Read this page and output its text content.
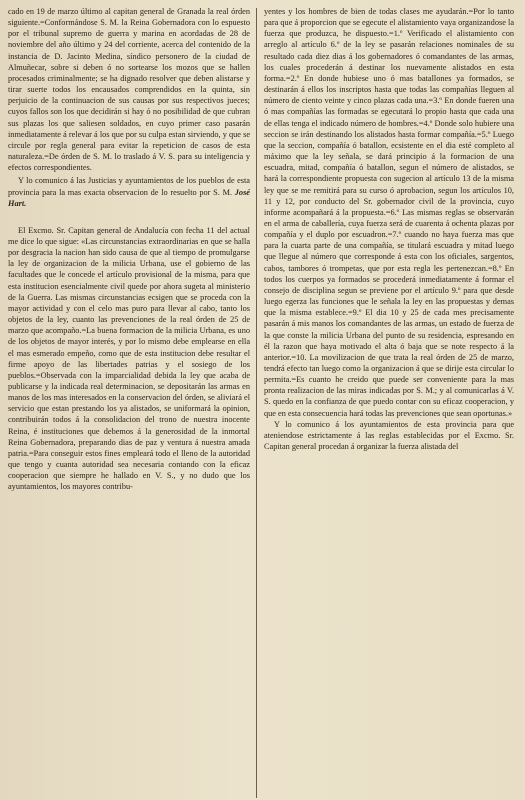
cado en 19 de marzo último al capitan general de Granada la real órden siguiente.=Conformándose S. M. la Reina Gobernadora con lo espuesto por el tribunal supremo de guerra y marina en acordadas de 28 de noviembre del año último y 24 del corriente, acerca del contenido de la instancia de D. Jacinto Medina, síndico personero de la ciudad de Almuñecar, sobre si deben ó no sortearse los mozos que se hallen procesados criminalmente; se ha dignado resolver que deben alistarse y tirar suerte todos los encausados comprendidos en la quinta, sin perjuicio de la continuacion de sus causas por sus respectivos jueces; cuyos fallos son los que decidirán si hay ó no posibilidad de que cubran sus plazas los que saliesen soldados, en cuyo primer caso pasarán inmediatamente á relevar á los que por su culpa estan sirviendo, y que se circule por regla general para evitar la repeticion de casos de esta naturaleza.=De órden de S. M. lo traslado á V. S. para su inteligencia y efectos correspondientes.

Y lo comunico á las Justicias y ayuntamientos de los pueblos de esta provincia para la mas exacta observacion de lo resuelto por S. M. José Hart.

El Excmo. Sr. Capitan general de Andalucía con fecha 11 del actual me dice lo que sigue: «Las circunstancias extraordinarias en que se halla por desgracia la nacion han sido causa de que al tiempo de promulgarse la ley de organizacion de la milicia Urbana, use el gobierno de las facultades que le concede el artículo provisional de la misma, para que esta institucion esencialmente civil quede por ahora sugeta al ministerio de la Guerra. Las mismas circunstancias ecsigen que se proceda con la mayor actividad y con el celo mas puro para llevar al cabo, tanto los objetos de la ley, cuanto las prevenciones de la real órden de 25 de marzo que acompaño.=La buena formacion de la milicia Urbana, es uno de los objetos de mayor interés, y por lo mismo debe emplearse en ella el mas esmerado empeño, como que de esta institucion debe resultar el firme apoyo de las libertades patrias y el sosiego de los pueblos.=Observada con la imparcialidad debida la ley que acaba de publicarse y la indicada real determinacion, se depositarán las armas en manos de los mas interesados en la conservacion del órden, se aliviará el servicio que estan prestando los ya alistados, se uniformará la opinion, contribuirán todos á la consolidacion del trono de nuestra inocente Reina, é instituciones que debemos á la generosidad de la inmortal Reina Gobernadora, preparando dias de paz y ventura á nuestra amada patria.=Para conseguir estos fines empleará todo el lleno de la autoridad que tengo y cuanta autoridad sea necesaria contando con la eficaz cooperacion que siempre he hallado en V. S., y no dudo que los ayuntamientos, los mayores contribu-

yentes y los hombres de bien de todas clases me ayudarán.=Por lo tanto para que á proporcion que se egecute el alistamiento vaya organizandose la fuerza que produzca, he dispuesto.=1.º Verificado el alistamiento con arreglo al artículo 6.º de la ley se pasarán relaciones nominales de su resultado cada diez dias á los gobernadores ó comandantes de las armas, los cuales procederán á destinar los nuevamente alistados en esta forma.=2.º En donde hubiese uno ó mas batallones ya formados, se destinarán á ellos los inscriptos hasta que todas las compañías lleguen al número de ciento veinte y cinco plazas cada una.=3.º En donde fueren una ó mas compañías las formadas se egecutará lo propio hasta que cada una de ellas tenga el indicado número de hombres.=4.º Donde solo hubiere una seccion se irán destinando los alistados hasta formar compañía.=5.º Luego que la seccion, compañía ó batallon, ecsistente en el dia esté completo al máximo que la ley señala, se dará principio á la formacion de una escuadra, mitad, compañía ó batallon, segun el número de alistados, se hará la correspondiente propuesta con sugecion al artículo 13 de la misma ley que se me remitirá para su curso ó aprobacion, segun los artículos 10, 11 y 12, por conducto del Sr. gobernador civil de la provincia, cuyo informe acompañará á la propuesta.=6.º Las mismas reglas se observarán en el arma de caballería, cuya fuerza será de cuarenta á ochenta plazas por compañía y el duplo por escuadron.=7.º cuando no haya fuerza mas que para la cuarta parte de una compañía, se titulará escuadra y mitad luego que llegue al número que corresponde á esta con los oficiales, sargentos, cabos, tambores ó trompetas, que por esta regla les pertenezcan.=8.º En todos los cuerpos ya formados se procederá inmediatamente á formar el consejo de disciplina segun se previene por el artículo 9.º para que desde luego egerza las funciones que le señala la ley en las propuestas y demas que la misma establece.=9.º El dia 10 y 25 de cada mes precisamente pasarán á mis manos los comandantes de las armas, un estado de fuerza de la que conste la milicia Urbana del punto de su residencia, espresando en él la razon que haya motivado el alta ó baja que se note respecto á la anterior.=10. La movilizacion de que trata la real órden de 25 de marzo, tendrá efecto tan luego como la organizacion á que se dirije esta circular lo permita.=Es cuanto he creido que puede ser conveniente para la mas pronta realizacion de las miras indicadas por S. M.; y al comunicarlas á V. S. quedo en la confianza de que puedo contar con su eficaz cooperacion, y que en esta consecuencia hará todas las prevenciones que sean oportunas.»

Y lo comunico á los ayuntamientos de esta provincia para que ateniendose estrictamente á las reglas establecidas por el Excmo. Sr. Capitan general procedan á organizar la fuerza alistada del
